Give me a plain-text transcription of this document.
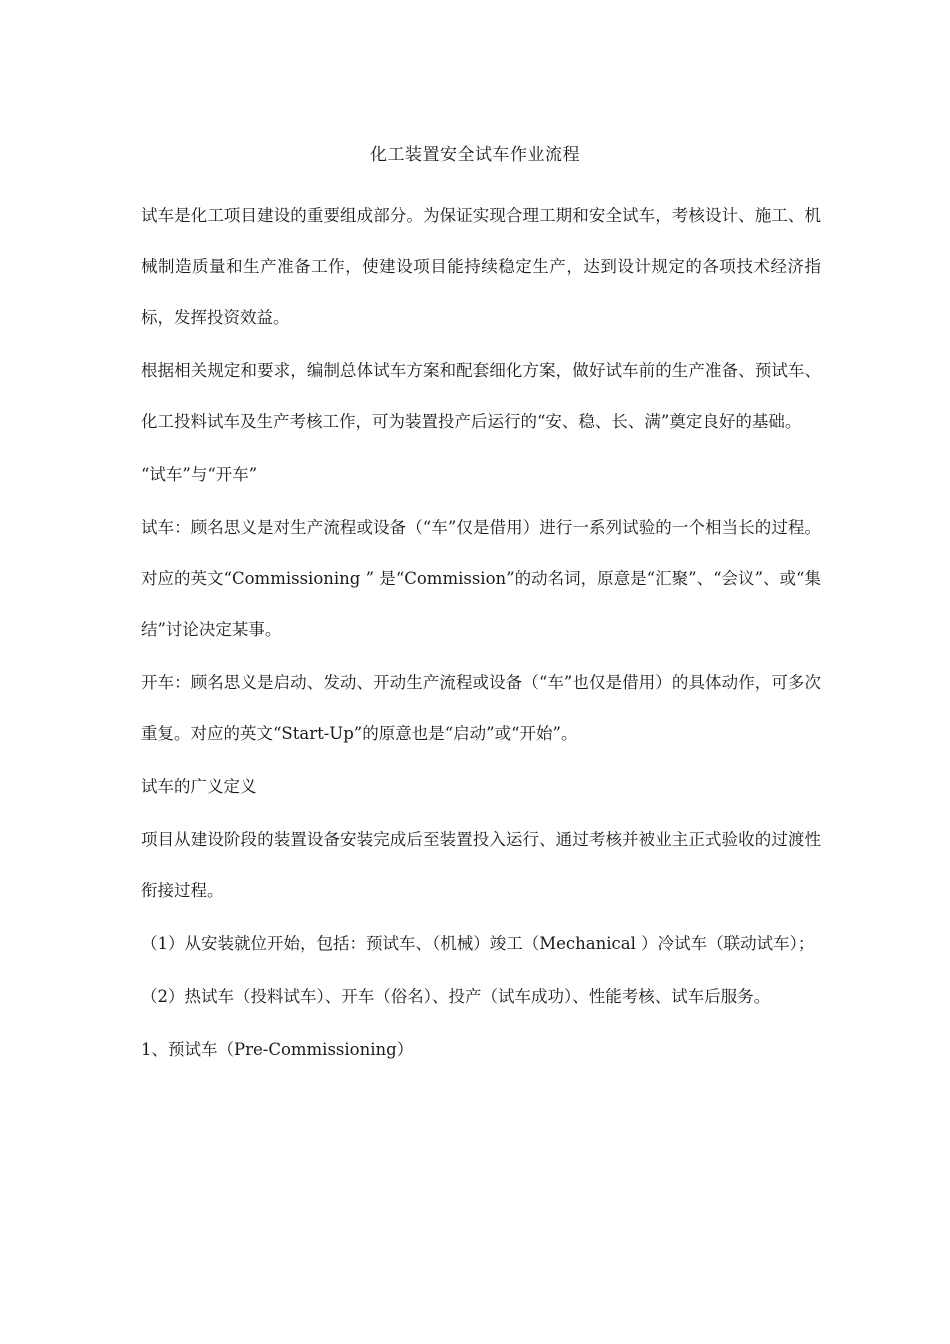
化工装置安全试车作业流程

试车是化工项目建设的重要组成部分。为保证实现合理工期和安全试车，考核设计、施工、机械制造质量和生产准备工作，使建设项目能持续稳定生产，达到设计规定的各项技术经济指标，发挥投资效益。

根据相关规定和要求，编制总体试车方案和配套细化方案，做好试车前的生产准备、预试车、化工投料试车及生产考核工作，可为装置投产后运行的“安、稳、长、满”奠定良好的基础。

“试车”与“开车”

试车：顾名思义是对生产流程或设备（“车”仅是借用）进行一系列试验的一个相当长的过程。对应的英文“Commissioning ” 是“Commission”的动名词，原意是“汇聚”、“会议”、或“集结”讨论决定某事。

开车：顾名思义是启动、发动、开动生产流程或设备（“车”也仅是借用）的具体动作，可多次重复。对应的英文“Start-Up”的原意也是“启动”或“开始”。

试车的广义定义

项目从建设阶段的装置设备安装完成后至装置投入运行、通过考核并被业主正式验收的过渡性衔接过程。

（1）从安装就位开始，包括：预试车、（机械）竣工（Mechanical ）冷试车（联动试车）；

（2）热试车（投料试车）、开车（俗名）、投产（试车成功）、性能考核、试车后服务。

1、预试车（Pre-Commissioning）
